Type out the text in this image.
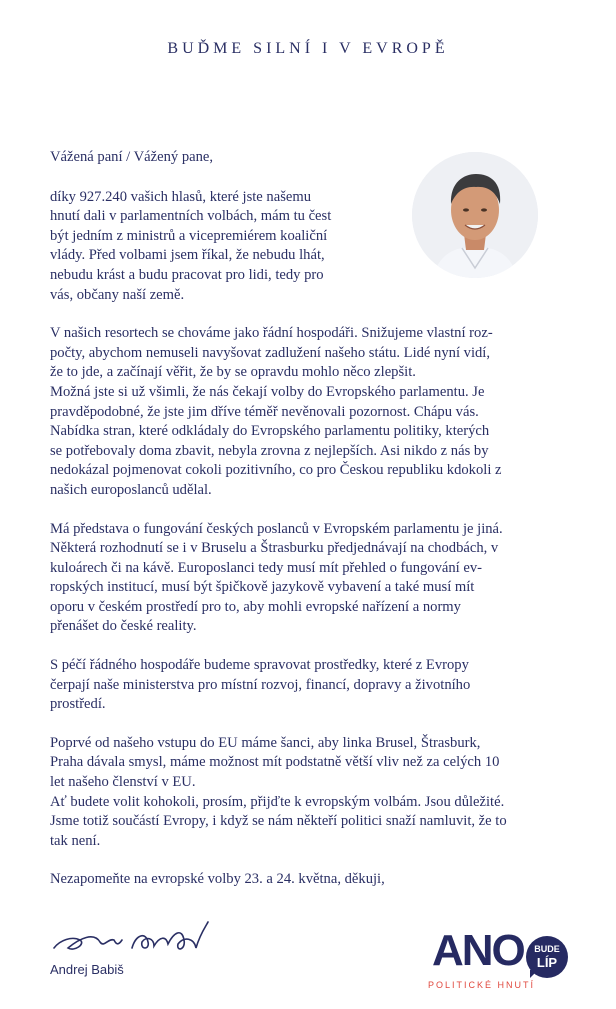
BUĎME SILNÍ I V EVROPĚ

Vážená paní / Vážený pane,

díky 927.240 vašich hlasů, které jste našemu

hnutí dali v parlamentních volbách, mám tu čest

být jedním z ministrů a vicepremiérem koaliční

vlády. Před volbami jsem říkal, že nebudu lhát,

nebudu krást a budu pracovat pro lidi, tedy pro

vás, občany naší země.

V našich resortech se chováme jako řádní hospodáři. Snižujeme vlastní roz-

počty, abychom nemuseli navyšovat zadlužení našeho státu. Lidé nyní vidí,

že to jde, a začínají věřit, že by se opravdu mohlo něco zlepšit.

Možná jste si už všimli, že nás čekají volby do Evropského parlamentu. Je

pravděpodobné, že jste jim dříve téměř nevěnovali pozornost. Chápu vás.

Nabídka stran, které odkládaly do Evropského parlamentu politiky, kterých

se potřebovaly doma zbavit, nebyla zrovna z nejlepších. Asi nikdo z nás by

nedokázal pojmenovat cokoli pozitivního, co pro Českou republiku kdokoli z

našich europoslanců udělal.

Má představa o fungování českých poslanců v Evropském parlamentu je jiná.

Některá rozhodnutí se i v Bruselu a Štrasburku předjednávají na chodbách, v

kuloárech či na kávě. Europoslanci tedy musí mít přehled o fungování ev-

ropských institucí, musí být špičkově jazykově vybavení a také musí mít

oporu v českém prostředí pro to, aby mohli evropské nařízení a normy

přenášet do české reality.

S péčí řádného hospodáře budeme spravovat prostředky, které z Evropy

čerpají naše ministerstva pro místní rozvoj, financí, dopravy a životního

prostředí.

Poprvé od našeho vstupu do EU máme šanci, aby linka Brusel, Štrasburk,

Praha dávala smysl, máme možnost mít podstatně větší vliv než za celých 10

let našeho členství v EU.

Ať budete volit kohokoli, prosím, přijďte k evropským volbám. Jsou důležité.

Jsme totiž součástí Evropy, i když se nám někteří politici snaží namluvit, že to

tak není.

Nezapomeňte na evropské volby 23. a 24. května, děkuji,

Andrej Babiš	ANO	BUDE
LÍP
POLITICKÉ HNUTÍ
